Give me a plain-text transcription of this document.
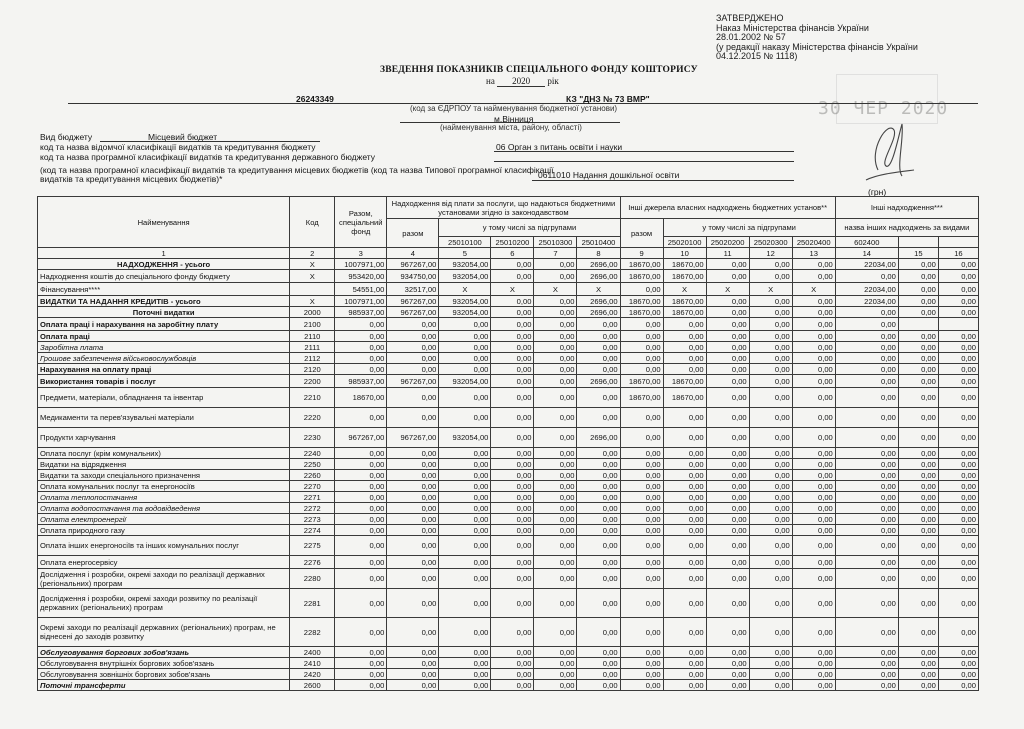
ЗАТВЕРДЖЕНО
Наказ Міністерства фінансів України
28.01.2002 № 57
(у редакції наказу Міністерства фінансів України
04.12.2015 № 1118)
30 ЧЕР 2020
ЗВЕДЕННЯ ПОКАЗНИКІВ СПЕЦІАЛЬНОГО ФОНДУ КОШТОРИСУ
на 2020 рік
26243349	КЗ "ДНЗ № 73 ВМР"
(код за ЄДРПОУ та найменування бюджетної установи)
м.Вінниця
(найменування міста, району, області)
Вид бюджету	Місцевий бюджет
код та назва відомчої класифікації видатків та кредитування бюджету	06 Орган з питань освіти і науки
код та назва програмної класифікації видатків та кредитування державного бюджету
(код та назва програмної класифікації видатків та кредитування місцевих бюджетів (код та назва Типової програмної класифікації
видатків та кредитування місцевих бюджетів)*	0611010 Надання дошкільної освіти
(грн)
Найменування	Код	Разом, спеціальний фонд	Надходження від плати за послуги, що надаються бюджетними установами згідно із законодавством					Інші джерела власних надходжень бюджетних установ**					Інші надходження***		
			разом	у тому числі за підгрупами				разом	у тому числі за підгрупами				назва інших надходжень за видами		
				25010100	25010200	25010300	25010400		25020100	25020200	25020300	25020400	602400		
1	2	3	4	5	6	7	8	9	10	11	12	13	14	15	16
НАДХОДЖЕННЯ - усього	X	1007971,00	967267,00	932054,00	0,00	0,00	2696,00	18670,00	18670,00	0,00	0,00	0,00	22034,00	0,00	0,00
Надходження коштів до спеціального фонду бюджету	X	953420,00	934750,00	932054,00	0,00	0,00	2696,00	18670,00	18670,00	0,00	0,00	0,00	0,00	0,00	0,00
Фінансування****		54551,00	32517,00	X	X	X	X	0,00	X	X	X	X	22034,00	0,00	0,00
ВИДАТКИ ТА НАДАННЯ КРЕДИТІВ - усього	X	1007971,00	967267,00	932054,00	0,00	0,00	2696,00	18670,00	18670,00	0,00	0,00	0,00	22034,00	0,00	0,00
Поточні видатки	2000	985937,00	967267,00	932054,00	0,00	0,00	2696,00	18670,00	18670,00	0,00	0,00	0,00	0,00	0,00	0,00
Оплата праці і нарахування на заробітну плату	2100	0,00	0,00	0,00	0,00	0,00	0,00	0,00	0,00	0,00	0,00	0,00	0,00		
Оплата праці	2110	0,00	0,00	0,00	0,00	0,00	0,00	0,00	0,00	0,00	0,00	0,00	0,00	0,00	0,00
Заробітна плата	2111	0,00	0,00	0,00	0,00	0,00	0,00	0,00	0,00	0,00	0,00	0,00	0,00	0,00	0,00
Грошове забезпечення військовослужбовців	2112	0,00	0,00	0,00	0,00	0,00	0,00	0,00	0,00	0,00	0,00	0,00	0,00	0,00	0,00
Нарахування на оплату праці	2120	0,00	0,00	0,00	0,00	0,00	0,00	0,00	0,00	0,00	0,00	0,00	0,00	0,00	0,00
Використання товарів і послуг	2200	985937,00	967267,00	932054,00	0,00	0,00	2696,00	18670,00	18670,00	0,00	0,00	0,00	0,00	0,00	0,00
Предмети, матеріали, обладнання та інвентар	2210	18670,00	0,00	0,00	0,00	0,00	0,00	18670,00	18670,00	0,00	0,00	0,00	0,00	0,00	0,00
Медикаменти та перев'язувальні матеріали	2220	0,00	0,00	0,00	0,00	0,00	0,00	0,00	0,00	0,00	0,00	0,00	0,00	0,00	0,00
Продукти харчування	2230	967267,00	967267,00	932054,00	0,00	0,00	2696,00	0,00	0,00	0,00	0,00	0,00	0,00	0,00	0,00
Оплата послуг (крім комунальних)	2240	0,00	0,00	0,00	0,00	0,00	0,00	0,00	0,00	0,00	0,00	0,00	0,00	0,00	0,00
Видатки на відрядження	2250	0,00	0,00	0,00	0,00	0,00	0,00	0,00	0,00	0,00	0,00	0,00	0,00	0,00	0,00
Видатки та заходи спеціального призначення	2260	0,00	0,00	0,00	0,00	0,00	0,00	0,00	0,00	0,00	0,00	0,00	0,00	0,00	0,00
Оплата комунальних послуг та енергоносіїв	2270	0,00	0,00	0,00	0,00	0,00	0,00	0,00	0,00	0,00	0,00	0,00	0,00	0,00	0,00
Оплата теплопостачання	2271	0,00	0,00	0,00	0,00	0,00	0,00	0,00	0,00	0,00	0,00	0,00	0,00	0,00	0,00
Оплата водопостачання та водовідведення	2272	0,00	0,00	0,00	0,00	0,00	0,00	0,00	0,00	0,00	0,00	0,00	0,00	0,00	0,00
Оплата електроенергії	2273	0,00	0,00	0,00	0,00	0,00	0,00	0,00	0,00	0,00	0,00	0,00	0,00	0,00	0,00
Оплата природного газу	2274	0,00	0,00	0,00	0,00	0,00	0,00	0,00	0,00	0,00	0,00	0,00	0,00	0,00	0,00
Оплата інших енергоносіїв та інших комунальних послуг	2275	0,00	0,00	0,00	0,00	0,00	0,00	0,00	0,00	0,00	0,00	0,00	0,00	0,00	0,00
Оплата енергосервісу	2276	0,00	0,00	0,00	0,00	0,00	0,00	0,00	0,00	0,00	0,00	0,00	0,00	0,00	0,00
Дослідження і розробки, окремі заходи по реалізації державних (регіональних) програм	2280	0,00	0,00	0,00	0,00	0,00	0,00	0,00	0,00	0,00	0,00	0,00	0,00	0,00	0,00
Дослідження і розробки, окремі заходи розвитку по реалізації державних (регіональних) програм	2281	0,00	0,00	0,00	0,00	0,00	0,00	0,00	0,00	0,00	0,00	0,00	0,00	0,00	0,00
Окремі заходи по реалізації державних (регіональних) програм, не віднесені до заходів розвитку	2282	0,00	0,00	0,00	0,00	0,00	0,00	0,00	0,00	0,00	0,00	0,00	0,00	0,00	0,00
Обслуговування боргових зобов'язань	2400	0,00	0,00	0,00	0,00	0,00	0,00	0,00	0,00	0,00	0,00	0,00	0,00	0,00	0,00
Обслуговування внутрішніх боргових зобов'язань	2410	0,00	0,00	0,00	0,00	0,00	0,00	0,00	0,00	0,00	0,00	0,00	0,00	0,00	0,00
Обслуговування зовнішніх боргових зобов'язань	2420	0,00	0,00	0,00	0,00	0,00	0,00	0,00	0,00	0,00	0,00	0,00	0,00	0,00	0,00
Поточні трансферти	2600	0,00	0,00	0,00	0,00	0,00	0,00	0,00	0,00	0,00	0,00	0,00	0,00	0,00	0,00
